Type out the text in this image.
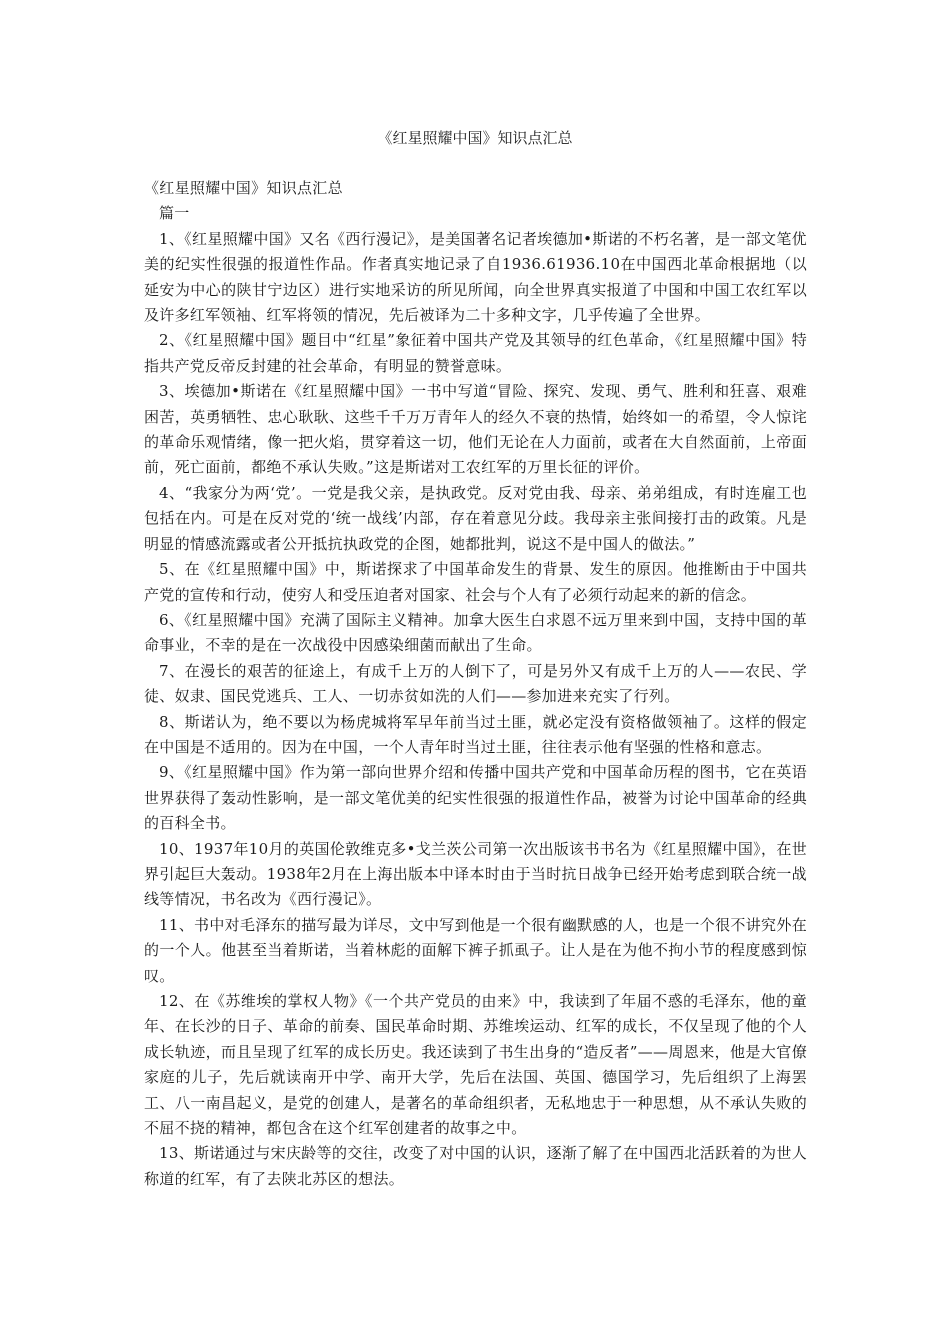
《红星照耀中国》知识点汇总

《红星照耀中国》知识点汇总

篇一

1、《红星照耀中国》又名《西行漫记》，是美国著名记者埃德加•斯诺的不朽名著，是一部文笔优美的纪实性很强的报道性作品。作者真实地记录了自1936.61936.10在中国西北革命根据地（以延安为中心的陕甘宁边区）进行实地采访的所见所闻，向全世界真实报道了中国和中国工农红军以及许多红军领袖、红军将领的情况，先后被译为二十多种文字，几乎传遍了全世界。

2、《红星照耀中国》题目中“红星”象征着中国共产党及其领导的红色革命，《红星照耀中国》特指共产党反帝反封建的社会革命，有明显的赞誉意味。

3、埃德加•斯诺在《红星照耀中国》一书中写道“冒险、探究、发现、勇气、胜利和狂喜、艰难困苦，英勇牺牲、忠心耿耿、这些千千万万青年人的经久不衰的热情，始终如一的希望，令人惊诧的革命乐观情绪，像一把火焰，贯穿着这一切，他们无论在人力面前，或者在大自然面前，上帝面前，死亡面前，都绝不承认失败。”这是斯诺对工农红军的万里长征的评价。

4、“我家分为两‘党’。一党是我父亲，是执政党。反对党由我、母亲、弟弟组成，有时连雇工也包括在内。可是在反对党的‘统一战线’内部，存在着意见分歧。我母亲主张间接打击的政策。凡是明显的情感流露或者公开抵抗执政党的企图，她都批判，说这不是中国人的做法。”

5、在《红星照耀中国》中，斯诺探求了中国革命发生的背景、发生的原因。他推断由于中国共产党的宣传和行动，使穷人和受压迫者对国家、社会与个人有了必须行动起来的新的信念。

6、《红星照耀中国》充满了国际主义精神。加拿大医生白求恩不远万里来到中国，支持中国的革命事业，不幸的是在一次战役中因感染细菌而献出了生命。

7、在漫长的艰苦的征途上，有成千上万的人倒下了，可是另外又有成千上万的人——农民、学徒、奴隶、国民党逃兵、工人、一切赤贫如洗的人们——参加进来充实了行列。

8、斯诺认为，绝不要以为杨虎城将军早年前当过土匪，就必定没有资格做领袖了。这样的假定在中国是不适用的。因为在中国，一个人青年时当过土匪，往往表示他有坚强的性格和意志。

9、《红星照耀中国》作为第一部向世界介绍和传播中国共产党和中国革命历程的图书，它在英语世界获得了轰动性影响，是一部文笔优美的纪实性很强的报道性作品，被誉为讨论中国革命的经典的百科全书。

10、1937年10月的英国伦敦维克多•戈兰茨公司第一次出版该书书名为《红星照耀中国》，在世界引起巨大轰动。1938年2月在上海出版本中译本时由于当时抗日战争已经开始考虑到联合统一战线等情况，书名改为《西行漫记》。

11、书中对毛泽东的描写最为详尽，文中写到他是一个很有幽默感的人，也是一个很不讲究外在的一个人。他甚至当着斯诺，当着林彪的面解下裤子抓虱子。让人是在为他不拘小节的程度感到惊叹。

12、在《苏维埃的掌权人物》《一个共产党员的由来》中，我读到了年届不惑的毛泽东，他的童年、在长沙的日子、革命的前奏、国民革命时期、苏维埃运动、红军的成长，不仅呈现了他的个人成长轨迹，而且呈现了红军的成长历史。我还读到了书生出身的“造反者”——周恩来，他是大官僚家庭的儿子，先后就读南开中学、南开大学，先后在法国、英国、德国学习，先后组织了上海罢工、八一南昌起义，是党的创建人，是著名的革命组织者，无私地忠于一种思想，从不承认失败的不屈不挠的精神，都包含在这个红军创建者的故事之中。

13、斯诺通过与宋庆龄等的交往，改变了对中国的认识，逐渐了解了在中国西北活跃着的为世人称道的红军，有了去陕北苏区的想法。
